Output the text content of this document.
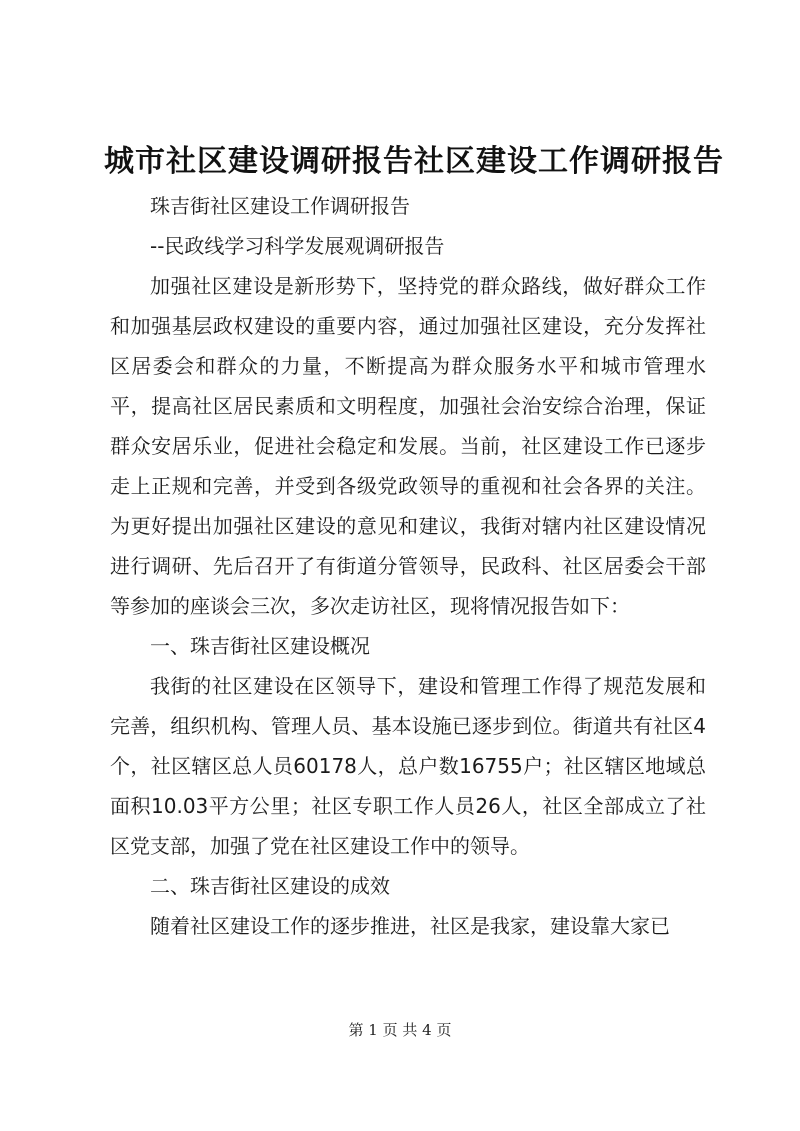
城市社区建设调研报告社区建设工作调研报告

珠吉街社区建设工作调研报告

--民政线学习科学发展观调研报告

加强社区建设是新形势下，坚持党的群众路线，做好群众工作和加强基层政权建设的重要内容，通过加强社区建设，充分发挥社区居委会和群众的力量，不断提高为群众服务水平和城市管理水平，提高社区居民素质和文明程度，加强社会治安综合治理，保证群众安居乐业，促进社会稳定和发展。当前，社区建设工作已逐步走上正规和完善，并受到各级党政领导的重视和社会各界的关注。为更好提出加强社区建设的意见和建议，我街对辖内社区建设情况进行调研、先后召开了有街道分管领导，民政科、社区居委会干部等参加的座谈会三次，多次走访社区，现将情况报告如下：

一、珠吉街社区建设概况

我街的社区建设在区领导下，建设和管理工作得了规范发展和完善，组织机构、管理人员、基本设施已逐步到位。街道共有社区4个，社区辖区总人员60178人，总户数16755户；社区辖区地域总面积10.03平方公里；社区专职工作人员26人，社区全部成立了社区党支部，加强了党在社区建设工作中的领导。

二、珠吉街社区建设的成效

随着社区建设工作的逐步推进，社区是我家，建设靠大家已

第 1 页 共 4 页
